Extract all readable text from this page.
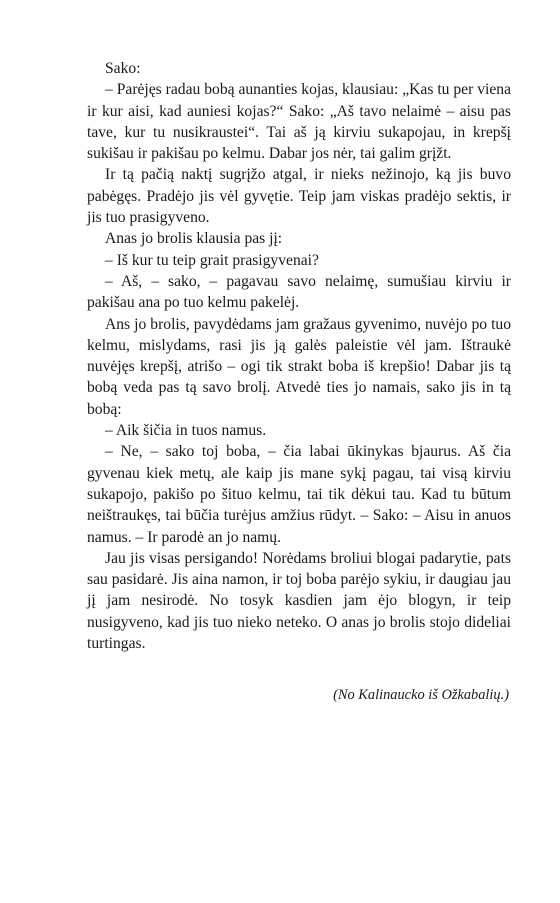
Sako:

– Parėjęs radau bobą aunanties kojas, klausiau: „Kas tu per viena ir kur aisi, kad auniesi kojas?“ Sako: „Aš tavo nelaimė – aisu pas tave, kur tu nusikraustei“. Tai aš ją kirviu sukapojau, in krepšį sukišau ir pakišau po kelmu. Dabar jos nėr, tai galim grįžt.

Ir tą pačią naktį sugrįžo atgal, ir nieks nežinojo, ką jis buvo pabėgęs. Pradėjo jis vėl gyvętie. Teip jam viskas pradėjo sektis, ir jis tuo prasigyveno.

Anas jo brolis klausia pas jį:

– Iš kur tu teip grait prasigyvenai?

– Aš, – sako, – pagavau savo nelaimę, sumušiau kirviu ir pakišau ana po tuo kelmu pakelėj.

Ans jo brolis, pavydėdams jam gražaus gyvenimo, nuvėjo po tuo kelmu, mislydams, rasi jis ją galės paleistie vėl jam. Ištraukė nuvėjęs krepšį, atrišo – ogi tik strakt boba iš krepšio! Dabar jis tą bobą veda pas tą savo brolį. Atvedė ties jo namais, sako jis in tą bobą:

– Aik šičia in tuos namus.

– Ne, – sako toj boba, – čia labai ūkinykas bjaurus. Aš čia gyvenau kiek metų, ale kaip jis mane sykį pagau, tai visą kirviu sukapojo, pakišo po šituo kelmu, tai tik dėkui tau. Kad tu būtum neištraukęs, tai būčia turėjus amžius rūdyt. – Sako: – Aisu in anuos namus. – Ir parodė an jo namų.

Jau jis visas persigando! Norėdams broliui blogai padarytie, pats sau pasidarė. Jis aina namon, ir toj boba parėjo sykiu, ir daugiau jau jį jam nesirodė. No tosyk kasdien jam ėjo blogyn, ir teip nusigyveno, kad jis tuo nieko neteko. O anas jo brolis stojo dideliai turtingas.

(No Kalinaucko iš Ožkabalių.)
